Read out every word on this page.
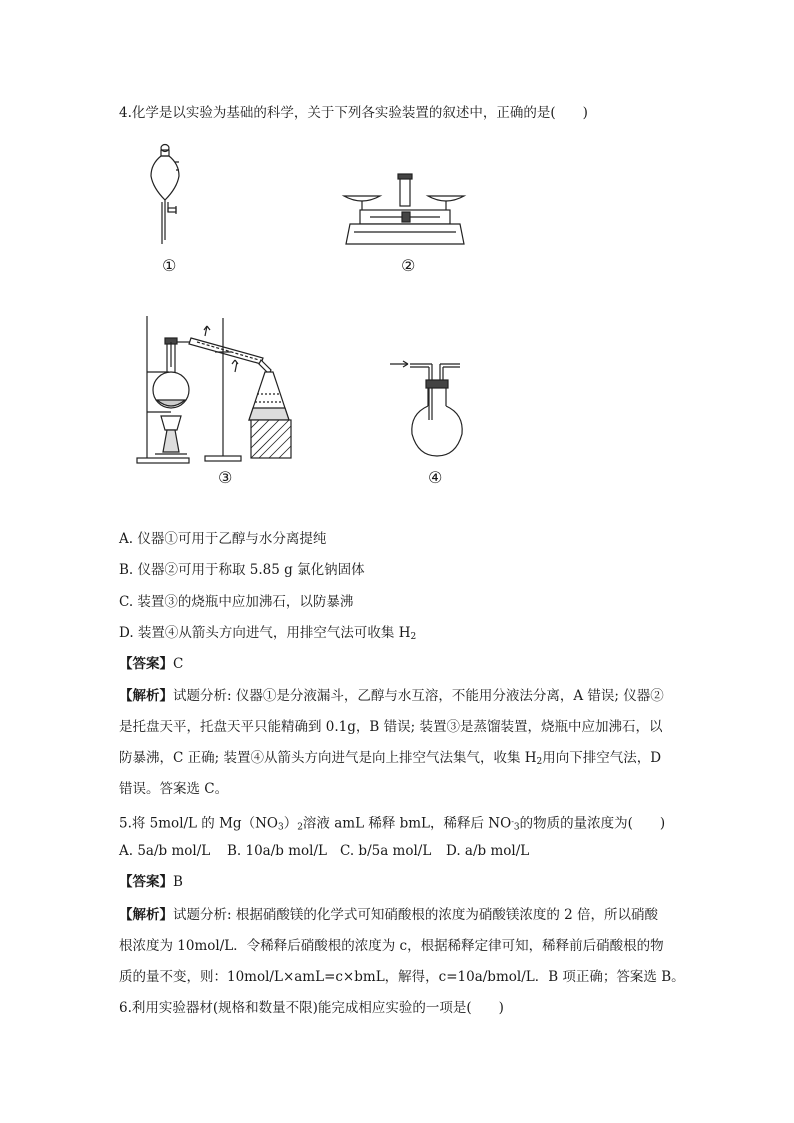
4.化学是以实验为基础的科学，关于下列各实验装置的叙述中，正确的是(　　)
①	②
③	④
A. 仪器①可用于乙醇与水分离提纯
B. 仪器②可用于称取 5.85 g 氯化钠固体
C. 装置③的烧瓶中应加沸石，以防暴沸
D. 装置④从箭头方向进气，用排空气法可收集 $H_2$
【答案】C
【解析】试题分析: 仪器①是分液漏斗，乙醇与水互溶，不能用分液法分离，A 错误; 仪器②
是托盘天平，托盘天平只能精确到 0.1g，B 错误; 装置③是蒸馏装置，烧瓶中应加沸石，以
防暴沸，C 正确; 装置④从箭头方向进气是向上排空气法集气，收集 $H_2$用向下排空气法，D
错误。答案选 C。
5.将 5mol/L 的 $Mg(NO_3)_2$溶液 amL 稀释 bmL，稀释后 $NO^-_3$的物质的量浓度为(　　)
A. 5a/b mol/L B. 10a/b mol/L C. b/5a mol/L D. a/b mol/L
【答案】B
【解析】试题分析: 根据硝酸镁的化学式可知硝酸根的浓度为硝酸镁浓度的 2 倍，所以硝酸
根浓度为 10mol/L．令稀释后硝酸根的浓度为 c，根据稀释定律可知，稀释前后硝酸根的物
质的量不变，则：10mol/L×amL=c×bmL，解得，c=10a/bmol/L．B 项正确；答案选 B。
6.利用实验器材(规格和数量不限)能完成相应实验的一项是(　　)
